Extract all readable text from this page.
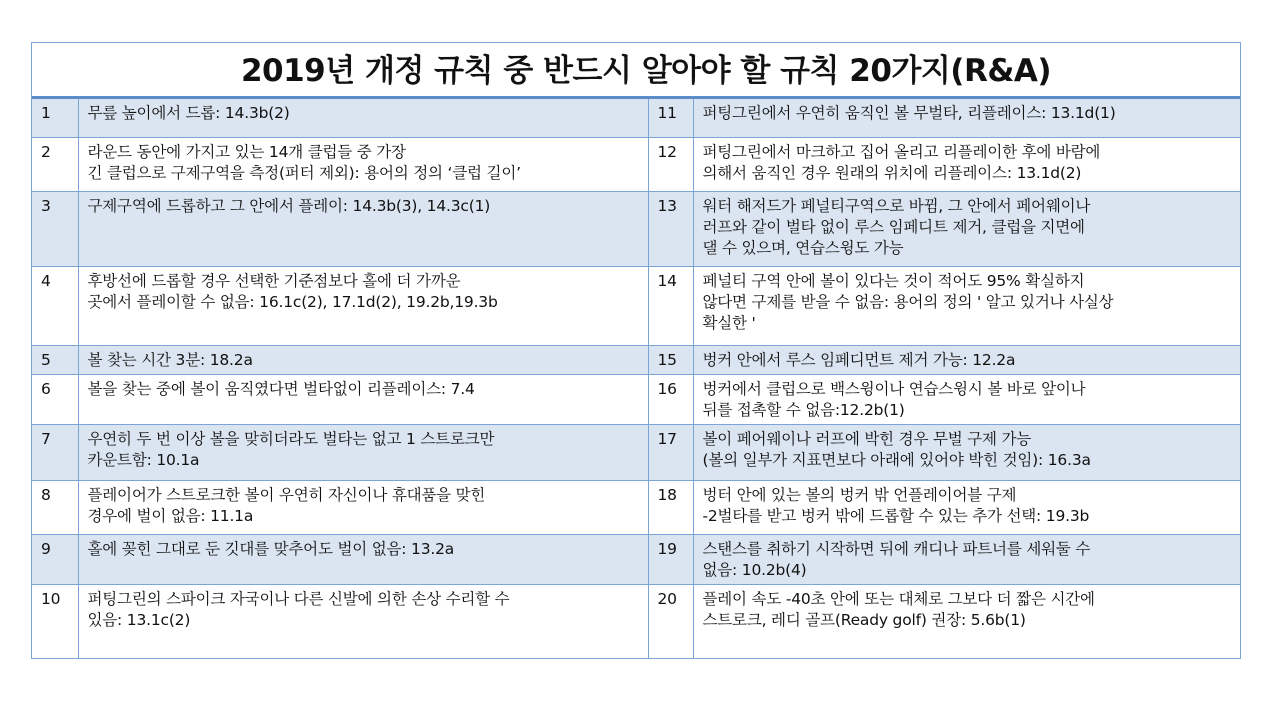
2019년 개정 규칙 중 반드시 알아야 할 규칙 20가지(R&A)
1	무릎 높이에서 드롭: 14.3b(2)	11	퍼팅그린에서 우연히 움직인 볼 무벌타, 리플레이스: 13.1d(1)
2	라운드 동안에 가지고 있는 14개 클럽들 중 가장
긴 클럽으로 구제구역을 측정(퍼터 제외): 용어의 정의 ‘클럽 길이’	12	퍼팅그린에서 마크하고 집어 올리고 리플레이한 후에 바람에
의해서 움직인 경우 원래의 위치에 리플레이스: 13.1d(2)
3	구제구역에 드롭하고 그 안에서 플레이: 14.3b(3), 14.3c(1)	13	워터 해저드가 페널티구역으로 바뀜, 그 안에서 페어웨이나
러프와 같이 벌타 없이 루스 임페디트 제거, 클럽을 지면에
댈 수 있으며, 연습스윙도 가능
4	후방선에 드롭할 경우 선택한 기준점보다 홀에 더 가까운
곳에서 플레이할 수 없음: 16.1c(2), 17.1d(2), 19.2b,19.3b	14	페널티 구역 안에 볼이 있다는 것이 적어도 95% 확실하지
않다면 구제를 받을 수 없음: 용어의 정의 ' 알고 있거나 사실상
확실한 '
5	볼 찾는 시간 3분: 18.2a	15	벙커 안에서 루스 임페디먼트 제거 가능: 12.2a
6	볼을 찾는 중에 볼이 움직였다면 벌타없이 리플레이스: 7.4	16	벙커에서 클럽으로 백스윙이나 연습스윙시 볼 바로 앞이나
뒤를 접촉할 수 없음:12.2b(1)
7	우연히 두 번 이상 볼을 맞히더라도 벌타는 없고 1 스트로크만
카운트함: 10.1a	17	볼이 페어웨이나 러프에 박힌 경우 무벌 구제 가능
(볼의 일부가 지표면보다 아래에 있어야 박힌 것임): 16.3a
8	플레이어가 스트로크한 볼이 우연히 자신이나 휴대품을 맞힌
경우에 벌이 없음: 11.1a	18	벙터 안에 있는 볼의 벙커 밖 언플레이어블 구제
-2벌타를 받고 벙커 밖에 드롭할 수 있는 추가 선택: 19.3b
9	홀에 꽂힌 그대로 둔 깃대를 맞추어도 벌이 없음: 13.2a	19	스탠스를 취하기 시작하면 뒤에 캐디나 파트너를 세워둘 수
없음: 10.2b(4)
10	퍼팅그린의 스파이크 자국이나 다른 신발에 의한 손상 수리할 수
있음: 13.1c(2)	20	플레이 속도 -40초 안에 또는 대체로 그보다 더 짧은 시간에
스트로크, 레디 골프(Ready golf) 권장: 5.6b(1)
